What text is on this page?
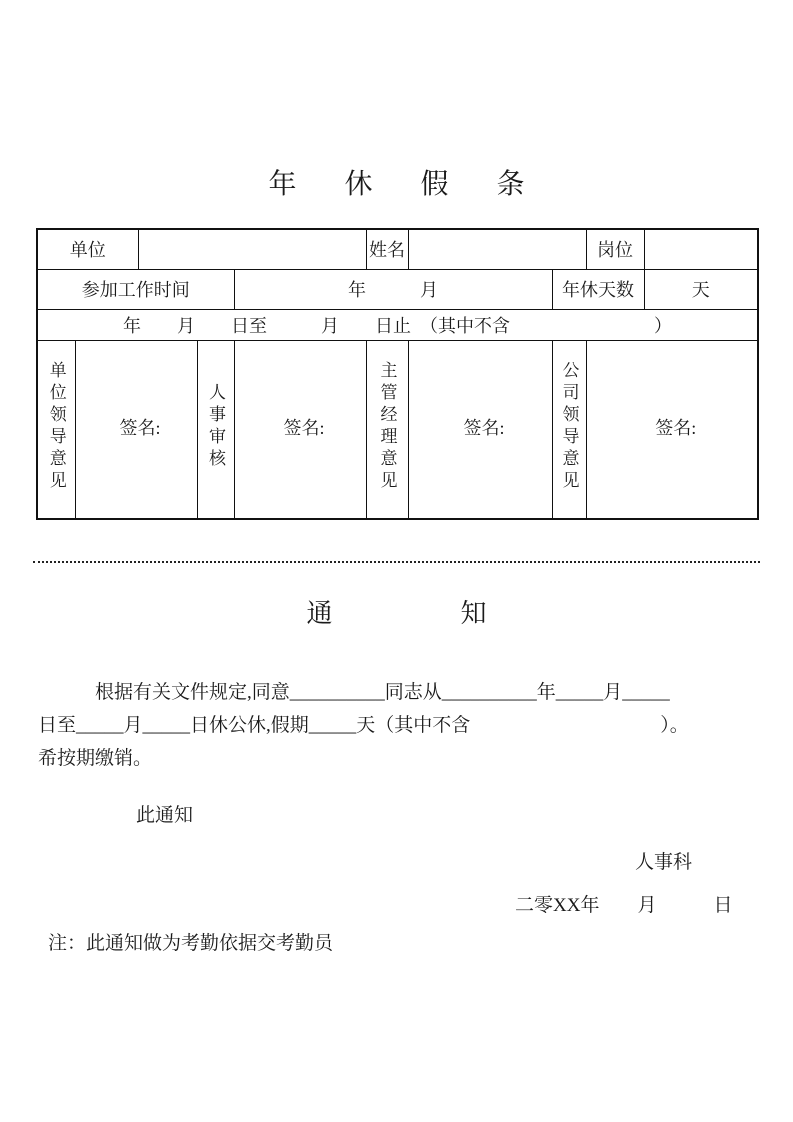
年休假条
单位					姓名			岗位	
参加工作时间				年　　　月			年休天数		天
年　　月　　日至　　　月　　日止　（其中不含　　　　　　　　）									
单位领导意见	签名:		人事审核	签名:	主管经理意见	签名:	公司领导意见	签名:	
通知
根据有关文件规定,同意__________同志从__________年_____月_____
日至_____月_____日休公休,假期_____天（其中不含　　　　　　　　　　）。
希按期缴销。
此通知
人事科
二零XX年　　月　　　日
注：此通知做为考勤依据交考勤员
